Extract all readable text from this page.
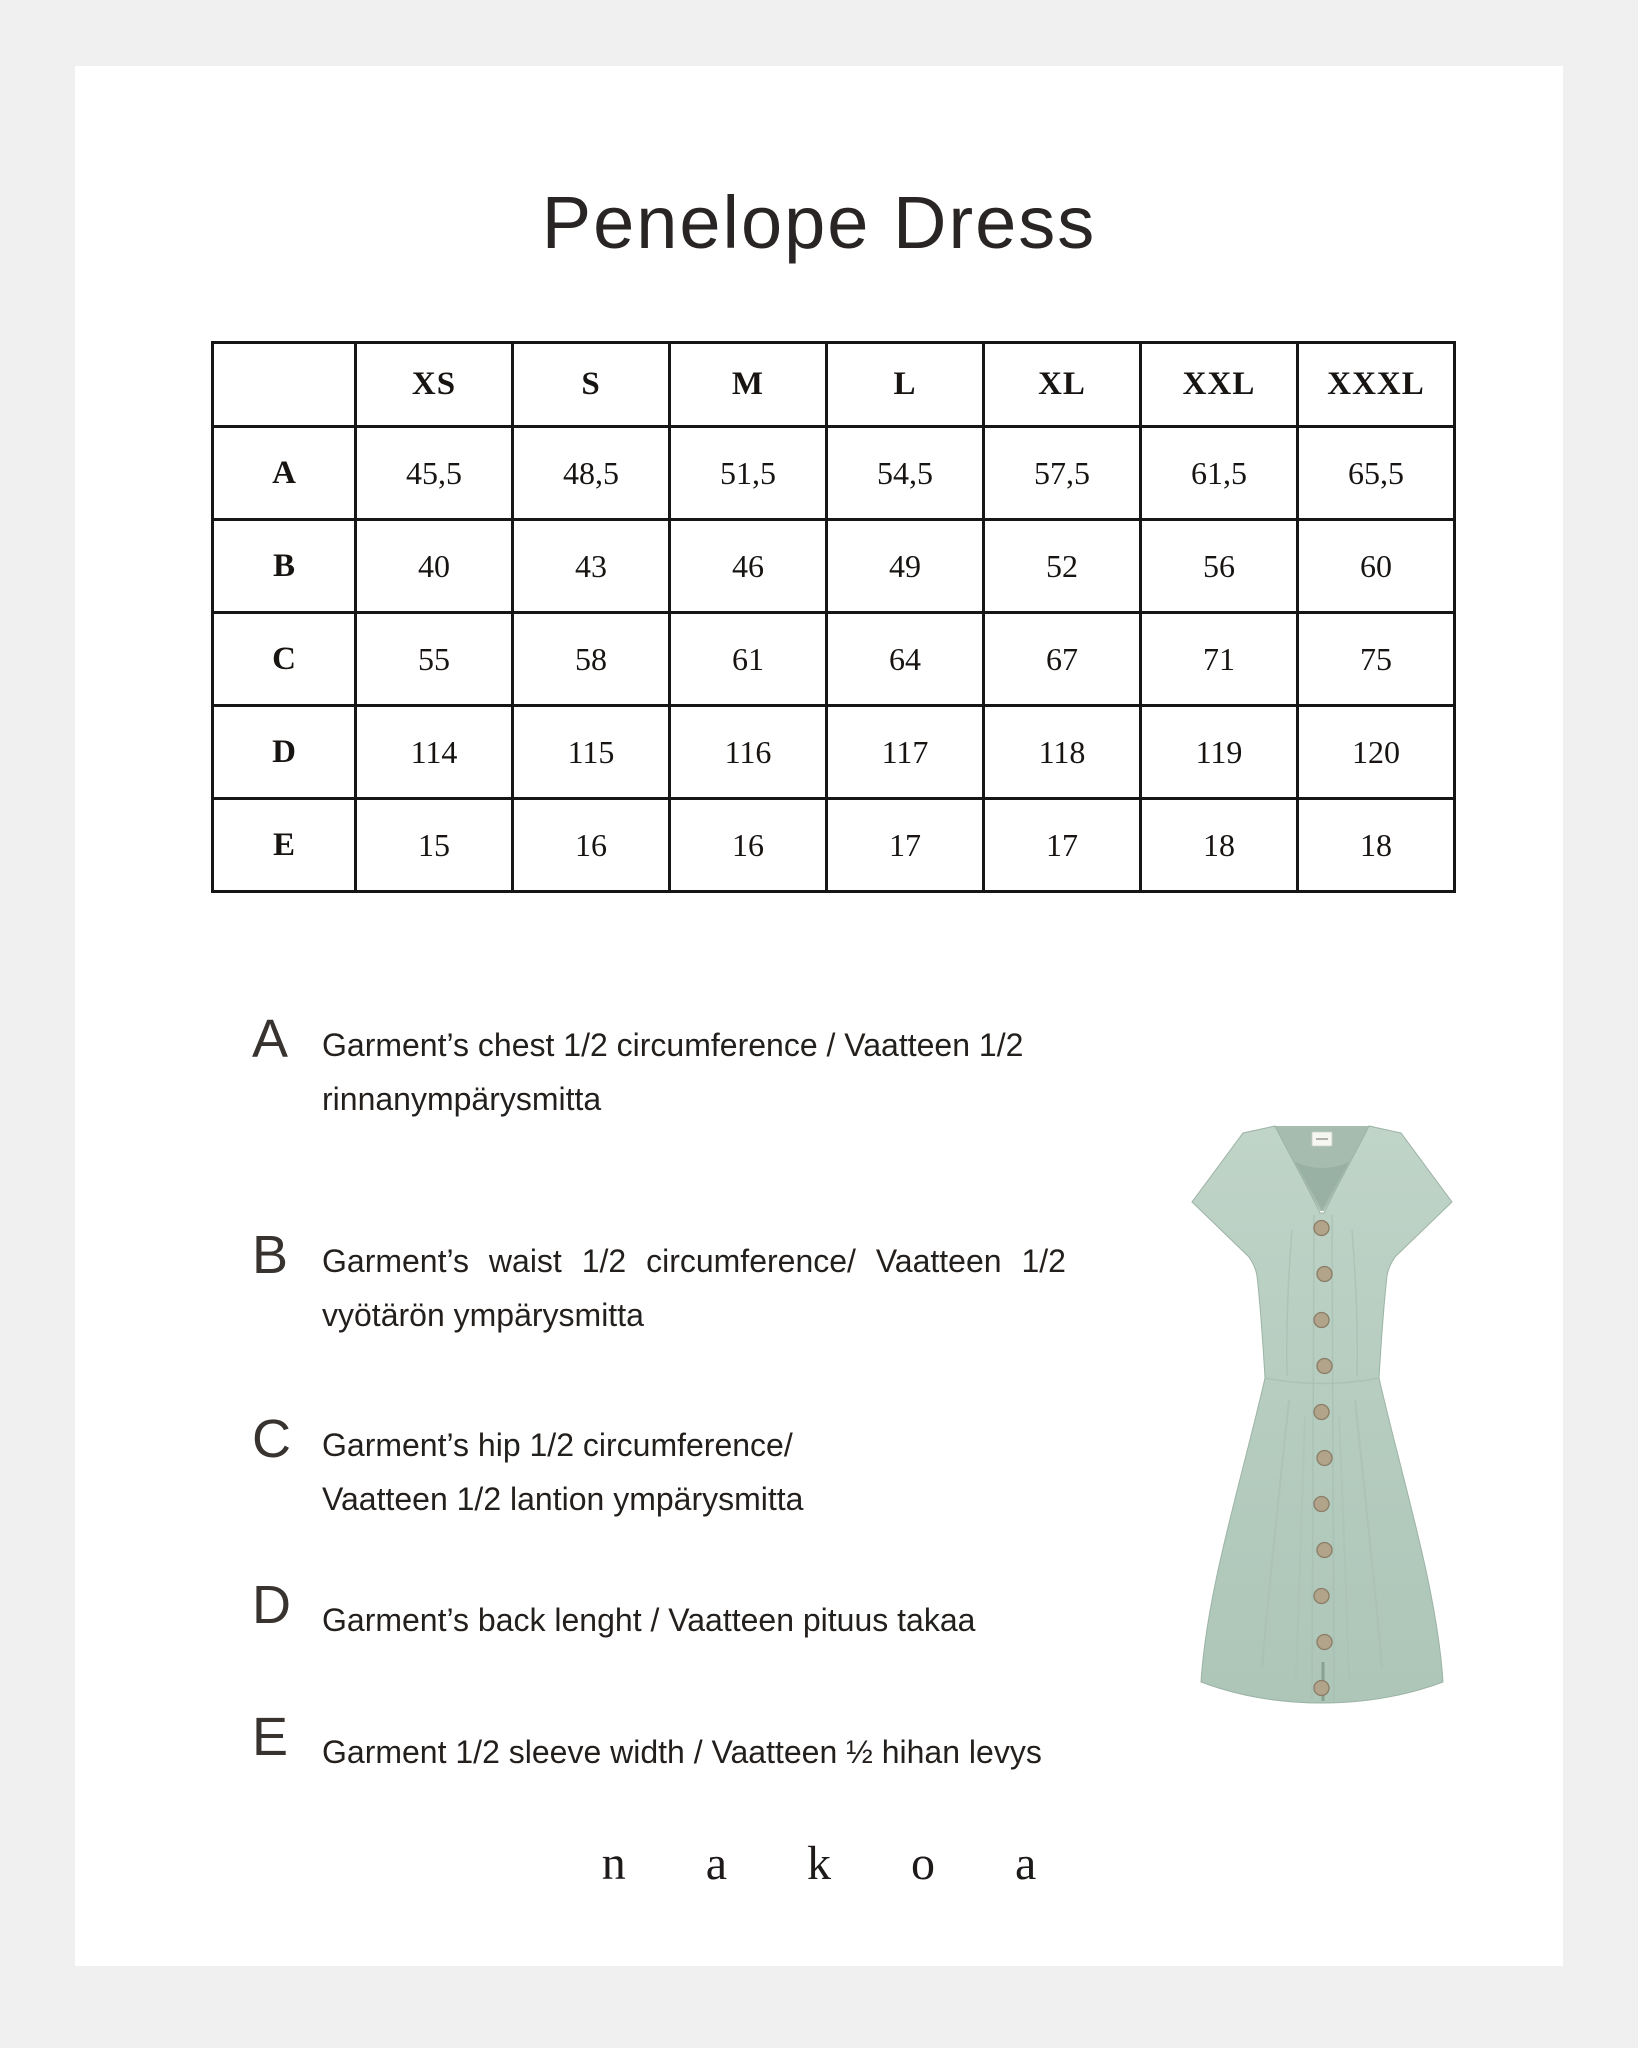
Penelope Dress
	XS	S	M	L	XL	XXL	XXXL
A	45,5	48,5	51,5	54,5	57,5	61,5	65,5
B	40	43	46	49	52	56	60
C	55	58	61	64	67	71	75
D	114	115	116	117	118	119	120
E	15	16	16	17	17	18	18
A Garment’s chest 1/2 circumference / Vaatteen 1/2
rinnanympärysmitta
B Garment’s waist 1/2 circumference/ Vaatteen 1/2
vyötärön ympärysmitta
C Garment’s hip 1/2 circumference/
Vaatteen 1/2 lantion ympärysmitta
D Garment’s back lenght / Vaatteen pituus takaa
E Garment 1/2 sleeve width / Vaatteen ½ hihan levys
n a k o a
